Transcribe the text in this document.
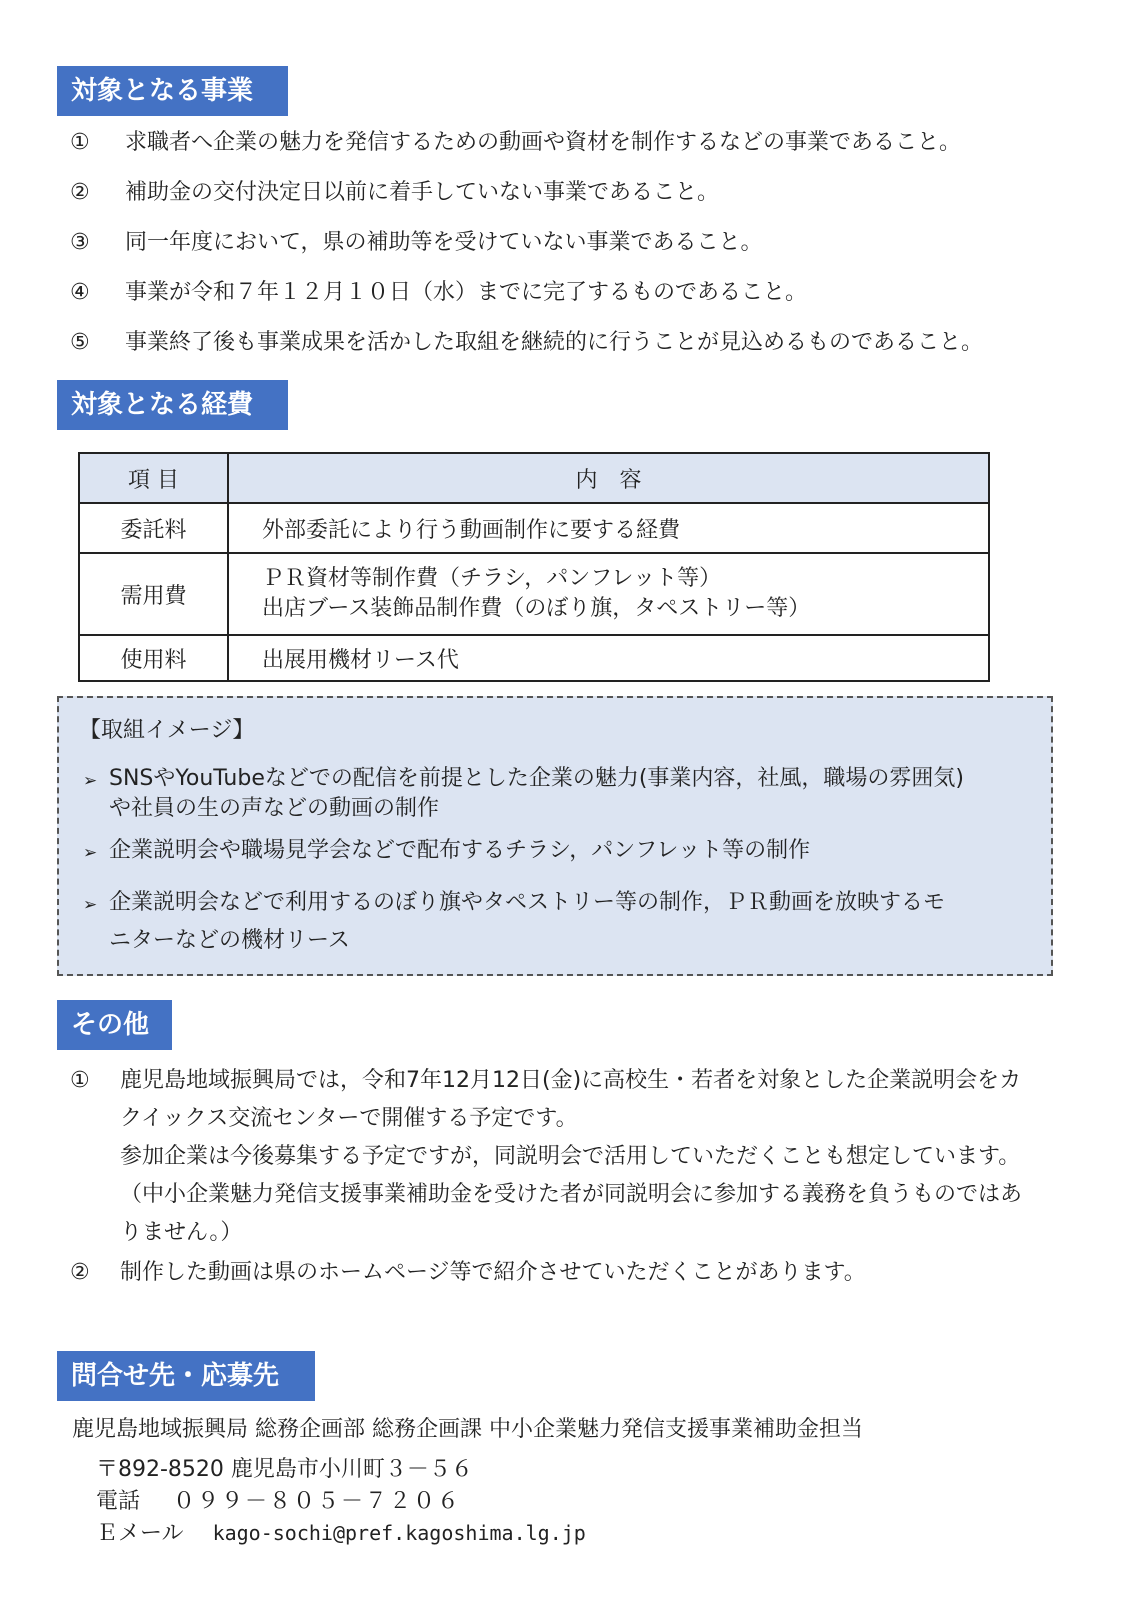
対象となる事業
①	求職者へ企業の魅力を発信するための動画や資材を制作するなどの事業であること。
②	補助金の交付決定日以前に着手していない事業であること。
③	同一年度において，県の補助等を受けていない事業であること。
④	事業が令和７年１２月１０日（水）までに完了するものであること。
⑤	事業終了後も事業成果を活かした取組を継続的に行うことが見込めるものであること。
対象となる経費
項 目	内　容
委託料	外部委託により行う動画制作に要する経費
需用費	ＰＲ資材等制作費（チラシ，パンフレット等）
出店ブース装飾品制作費（のぼり旗，タペストリー等）

使用料	出展用機材リース代
【取組イメージ】
➢ SNSやYouTubeなどでの配信を前提とした企業の魅力(事業内容，社風，職場の雰囲気)
や社員の生の声などの動画の制作
➢ 企業説明会や職場見学会などで配布するチラシ，パンフレット等の制作
➢ 企業説明会などで利用するのぼり旗やタペストリー等の制作，ＰＲ動画を放映するモ
ニターなどの機材リース
その他
① 鹿児島地域振興局では，令和7年12月12日(金)に高校生・若者を対象とした企業説明会をカ
クイックス交流センターで開催する予定です。
参加企業は今後募集する予定ですが，同説明会で活用していただくことも想定しています。
（中小企業魅力発信支援事業補助金を受けた者が同説明会に参加する義務を負うものではあ
りません。）
② 制作した動画は県のホームページ等で紹介させていただくことがあります。
問合せ先・応募先
鹿児島地域振興局 総務企画部 総務企画課 中小企業魅力発信支援事業補助金担当
〒892-8520 鹿児島市小川町３－５６
電話 ０９９－８０５－７２０６
Ｅメール kago-sochi@pref.kagoshima.lg.jp
